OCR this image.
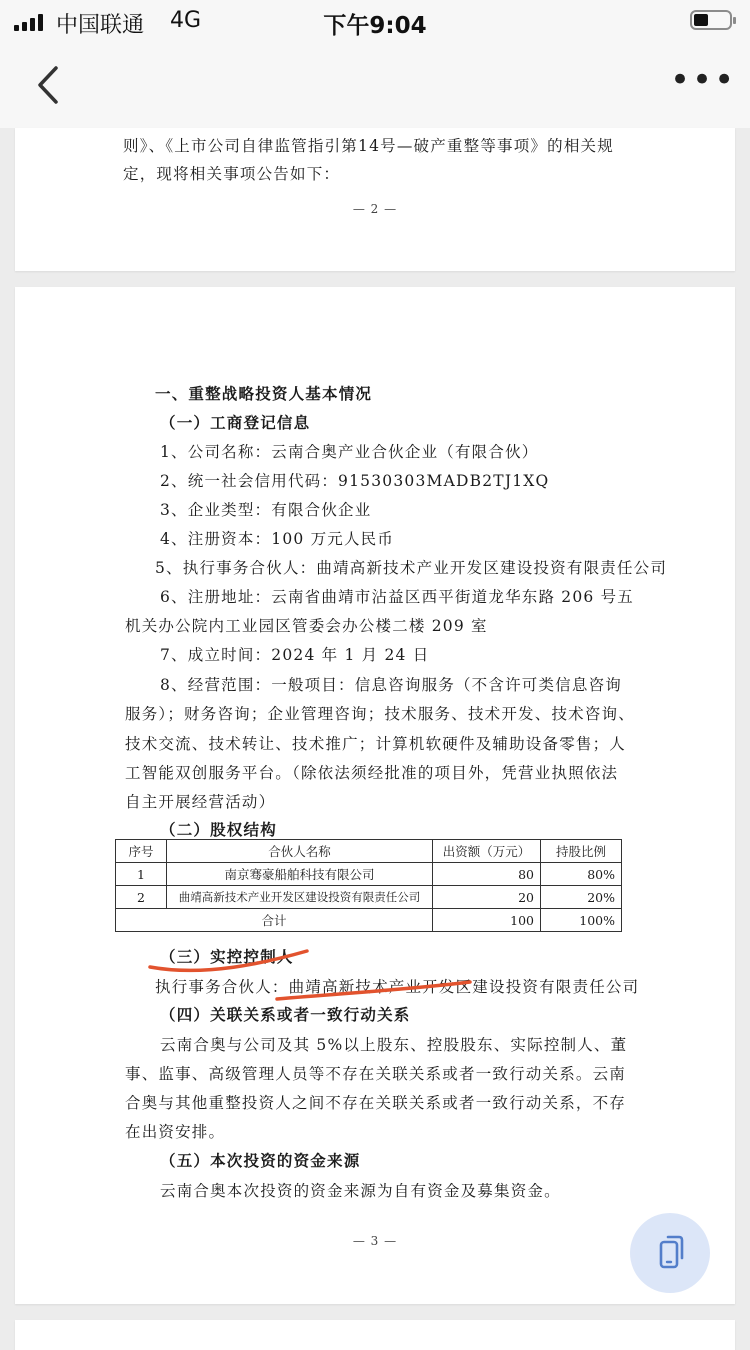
中国联通 4G	下午9:04
•••
则》、《上市公司自律监管指引第14号—破产重整等事项》的相关规
定，现将相关事项公告如下：
— 2 —
一、重整战略投资人基本情况
（一）工商登记信息
1、公司名称：云南合奥产业合伙企业（有限合伙）
2、统一社会信用代码：91530303MADB2TJ1XQ
3、企业类型：有限合伙企业
4、注册资本：100 万元人民币
5、执行事务合伙人：曲靖高新技术产业开发区建设投资有限责任公司
6、注册地址：云南省曲靖市沾益区西平街道龙华东路 206 号五
机关办公院内工业园区管委会办公楼二楼 209 室
7、成立时间：2024 年 1 月 24 日
8、经营范围：一般项目：信息咨询服务（不含许可类信息咨询
服务）；财务咨询；企业管理咨询；技术服务、技术开发、技术咨询、
技术交流、技术转让、技术推广；计算机软硬件及辅助设备零售；人
工智能双创服务平台。（除依法须经批准的项目外，凭营业执照依法
自主开展经营活动）
（二）股权结构
序号	合伙人名称	出资额（万元）	持股比例
1	南京骞豪船舶科技有限公司	80	80%
2	曲靖高新技术产业开发区建设投资有限责任公司	20	20%
合计		100	100%
（三）实控控制人
执行事务合伙人：曲靖高新技术产业开发区建设投资有限责任公司
（四）关联关系或者一致行动关系
云南合奥与公司及其 5%以上股东、控股股东、实际控制人、董
事、监事、高级管理人员等不存在关联关系或者一致行动关系。云南
合奥与其他重整投资人之间不存在关联关系或者一致行动关系，不存
在出资安排。
（五）本次投资的资金来源
云南合奥本次投资的资金来源为自有资金及募集资金。
— 3 —
